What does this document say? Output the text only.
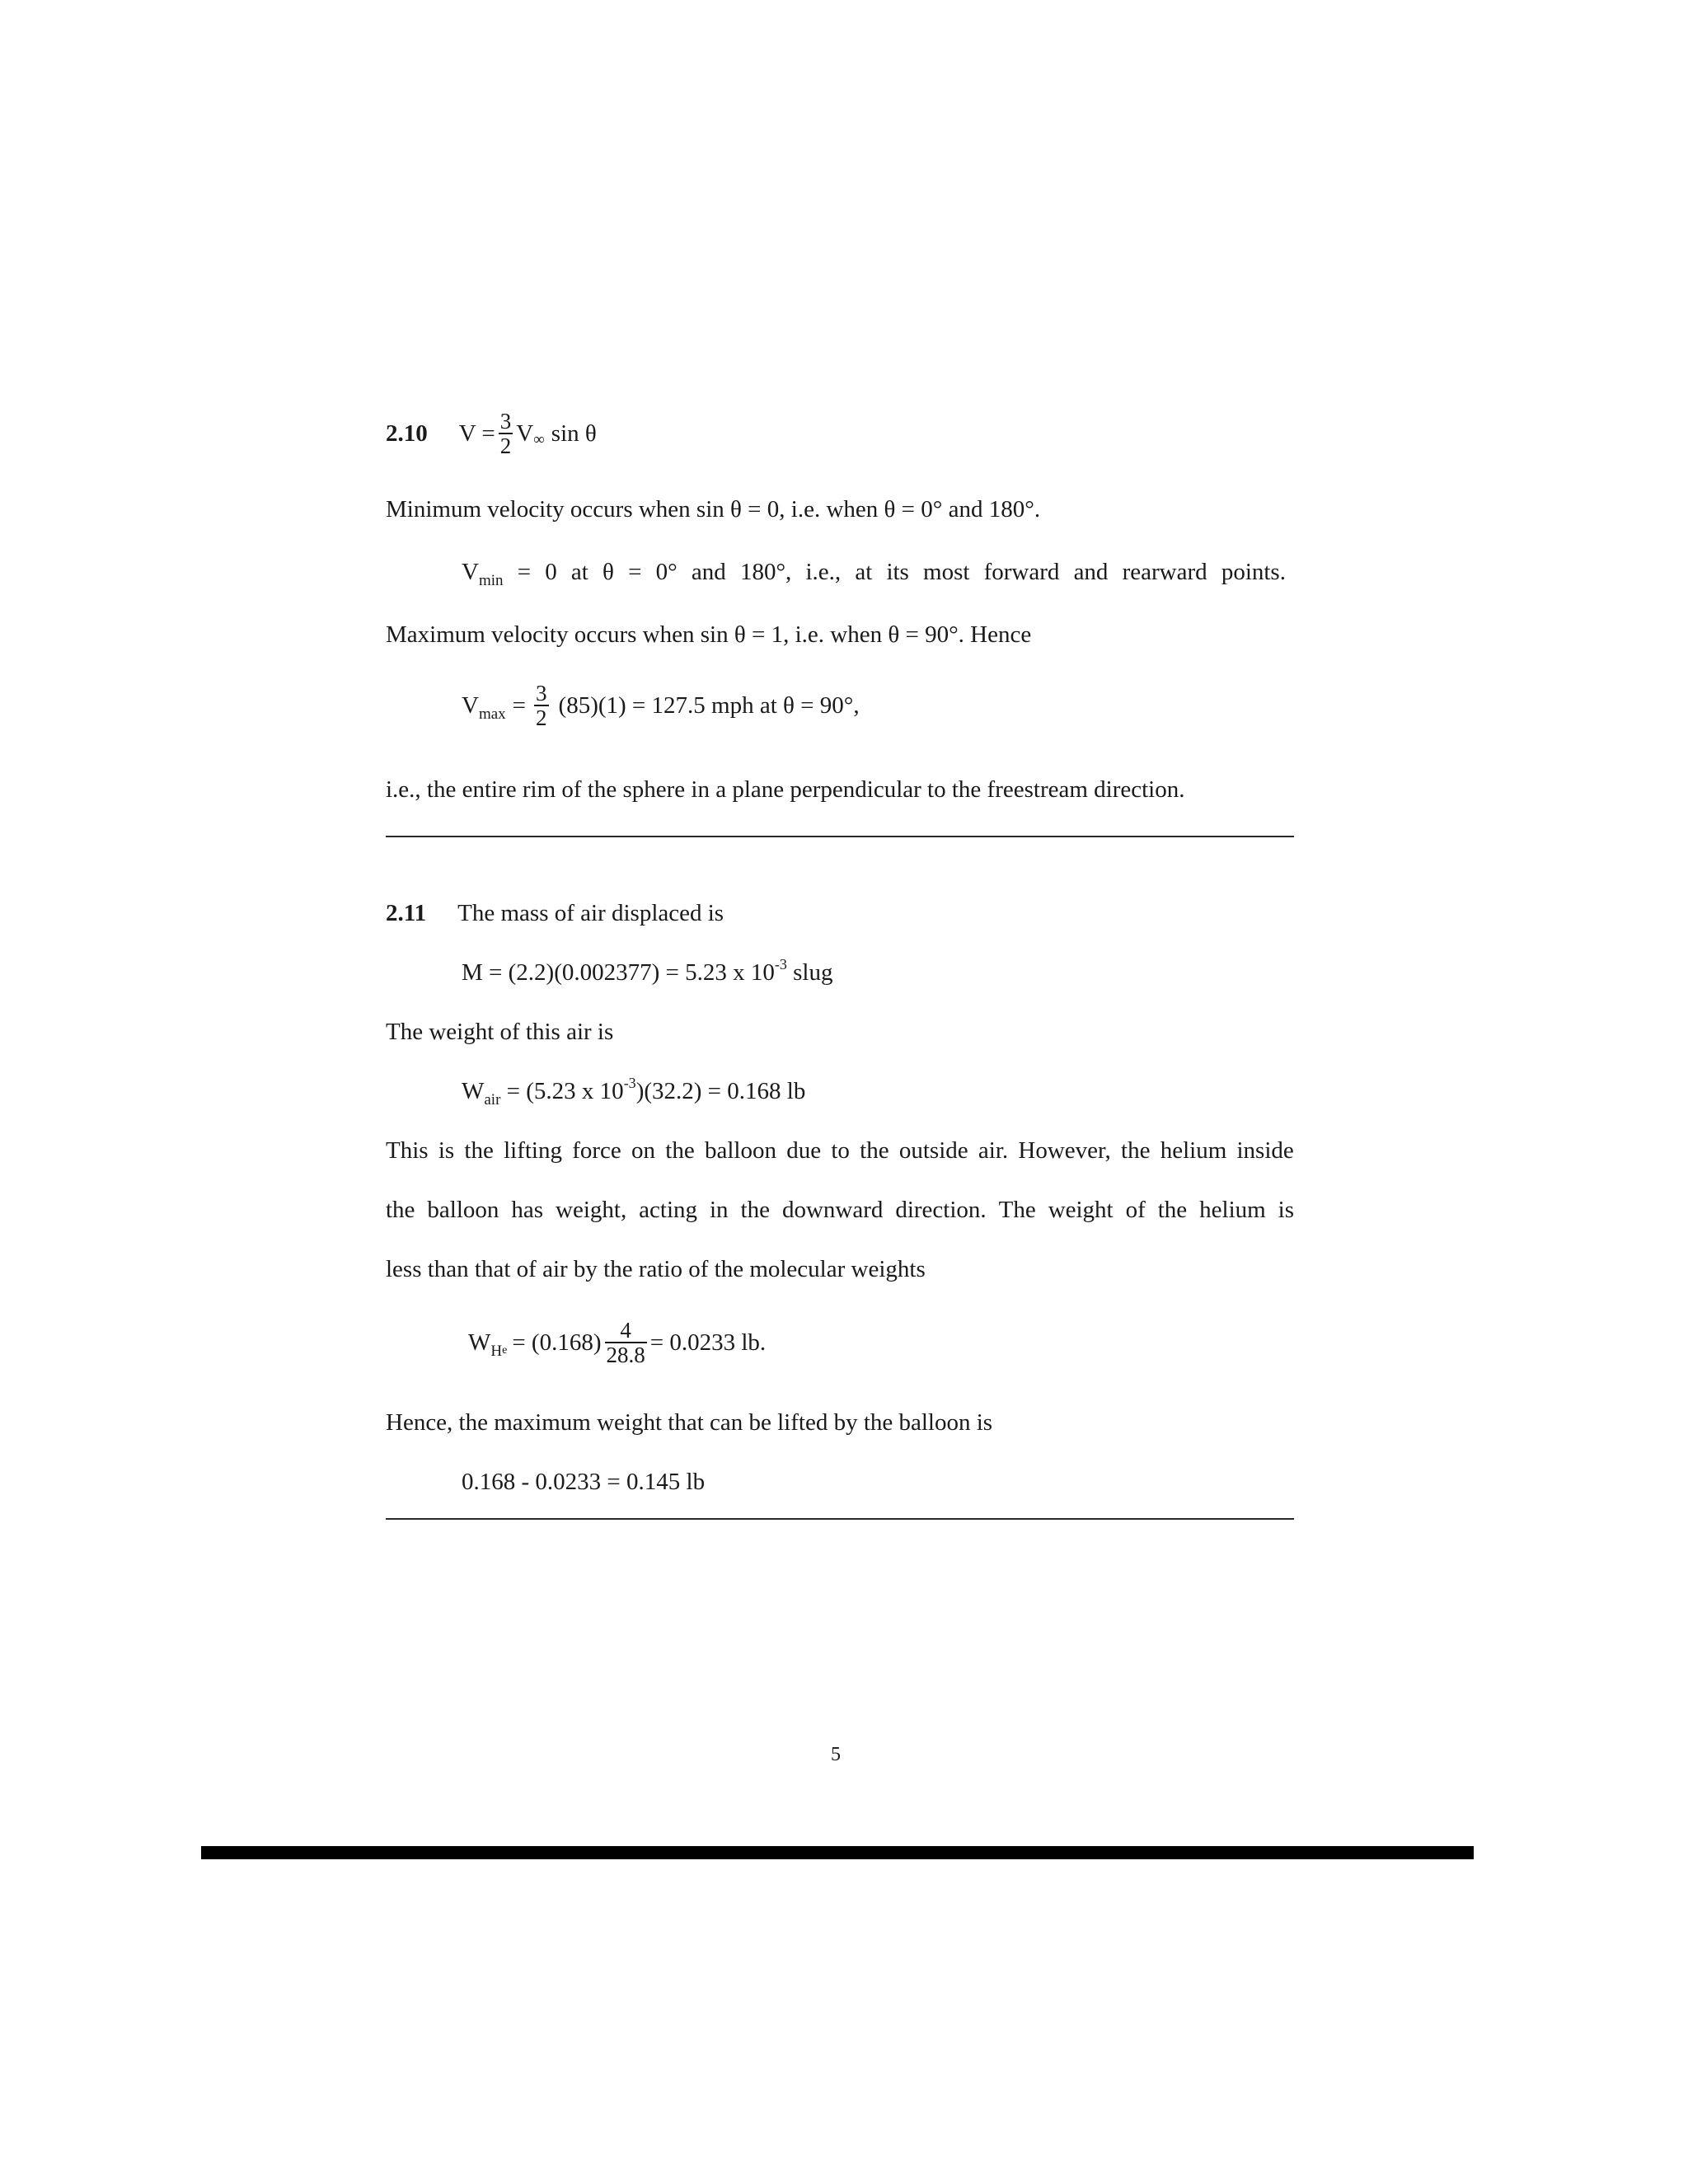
2.10 $V = \frac{3}{2}$ V ∞ sin θ
Minimum velocity occurs when sin θ = 0, i.e. when θ = 0° and 180°.
$V_{min} = 0$ at θ = 0° and 180°, i.e., at its most forward and rearward points.
Maximum velocity occurs when sin θ = 1, i.e. when θ = 90°. Hence
$V_{max} = \frac{3}{2} (85)(1) = 127.5$ mph at θ = 90°,
i.e., the entire rim of the sphere in a plane perpendicular to the freestream direction.
2.11 The mass of air displaced is
M = (2.2)(0.002377) = 5.23 x $10^{-3}$ slug
The weight of this air is
$W_{air} = (5.23$ x $10^{-3})(32.2) = 0.168$ lb
This is the lifting force on the balloon due to the outside air. However, the helium inside
the balloon has weight, acting in the downward direction. The weight of the helium is
less than that of air by the ratio of the molecular weights
$W_He = (0.168) \frac{4}{28.8} = 0.0233$ lb.
Hence, the maximum weight that can be lifted by the balloon is
0.168 - 0.0233 = 0.145 lb
5
